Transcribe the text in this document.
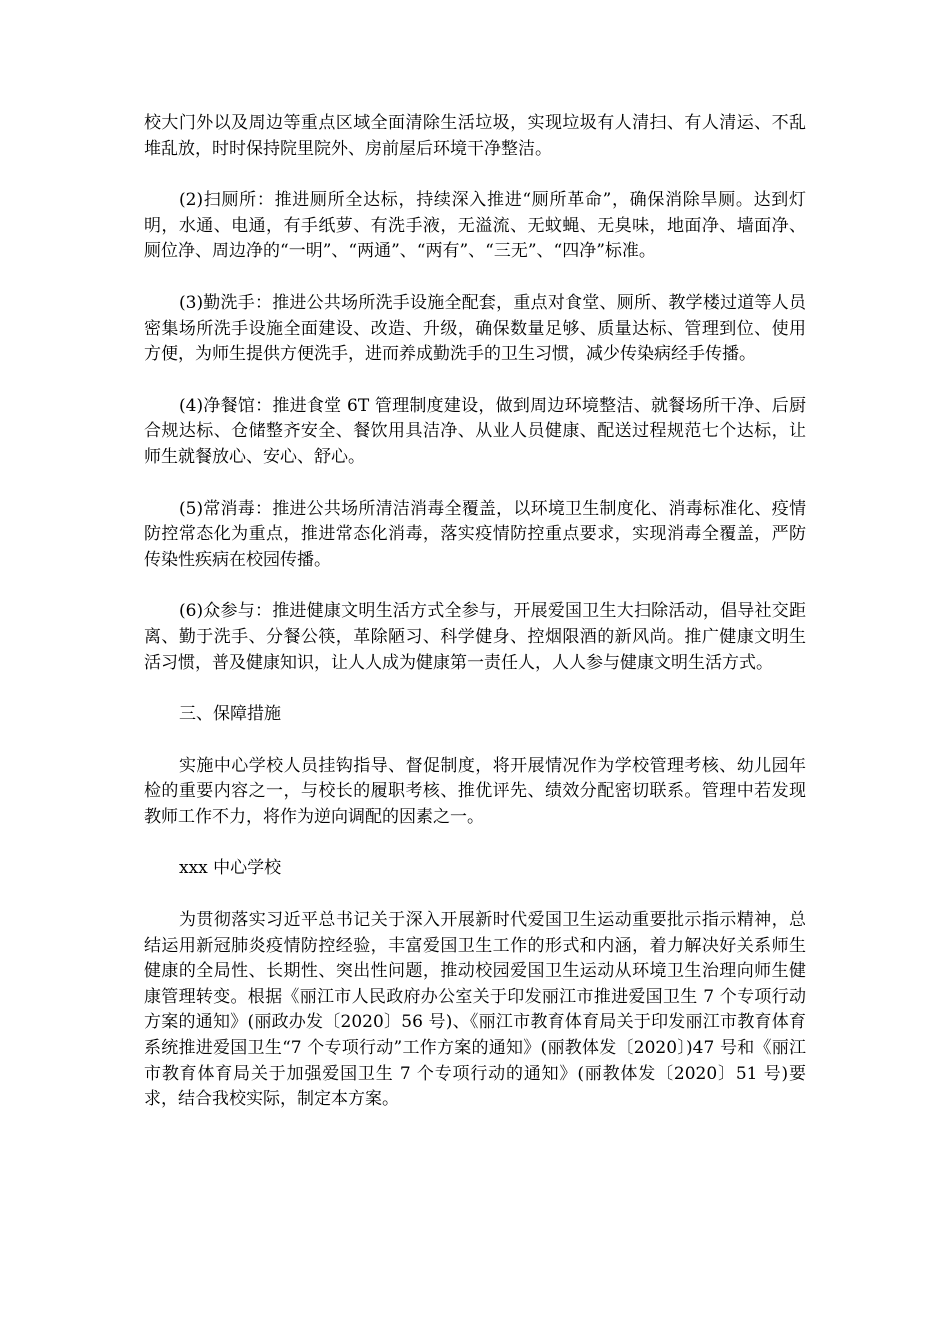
校大门外以及周边等重点区域全面清除生活垃圾，实现垃圾有人清扫、有人清运、不乱堆乱放，时时保持院里院外、房前屋后环境干净整洁。

(2)扫厕所：推进厕所全达标，持续深入推进“厕所革命”，确保消除旱厕。达到灯明，水通、电通，有手纸萝、有洗手液，无溢流、无蚊蝇、无臭味，地面净、墙面净、厕位净、周边净的“一明”、“两通”、“两有”、“三无”、“四净”标准。

(3)勤洗手：推进公共场所洗手设施全配套，重点对食堂、厕所、教学楼过道等人员密集场所洗手设施全面建设、改造、升级，确保数量足够、质量达标、管理到位、使用方便，为师生提供方便洗手，进而养成勤洗手的卫生习惯，减少传染病经手传播。

(4)净餐馆：推进食堂 6T 管理制度建设，做到周边环境整洁、就餐场所干净、后厨合规达标、仓储整齐安全、餐饮用具洁净、从业人员健康、配送过程规范七个达标，让师生就餐放心、安心、舒心。

(5)常消毒：推进公共场所清洁消毒全覆盖，以环境卫生制度化、消毒标准化、疫情防控常态化为重点，推进常态化消毒，落实疫情防控重点要求，实现消毒全覆盖，严防传染性疾病在校园传播。

(6)众参与：推进健康文明生活方式全参与，开展爱国卫生大扫除活动，倡导社交距离、勤于洗手、分餐公筷，革除陋习、科学健身、控烟限酒的新风尚。推广健康文明生活习惯，普及健康知识，让人人成为健康第一责任人，人人参与健康文明生活方式。

三、保障措施

实施中心学校人员挂钩指导、督促制度，将开展情况作为学校管理考核、幼儿园年检的重要内容之一，与校长的履职考核、推优评先、绩效分配密切联系。管理中若发现教师工作不力，将作为逆向调配的因素之一。

xxx 中心学校

为贯彻落实习近平总书记关于深入开展新时代爱国卫生运动重要批示指示精神，总结运用新冠肺炎疫情防控经验，丰富爱国卫生工作的形式和内涵，着力解决好关系师生健康的全局性、长期性、突出性问题，推动校园爱国卫生运动从环境卫生治理向师生健康管理转变。根据《丽江市人民政府办公室关于印发丽江市推进爱国卫生 7 个专项行动方案的通知》(丽政办发〔2020〕56 号)、《丽江市教育体育局关于印发丽江市教育体育系统推进爱国卫生“7 个专项行动”工作方案的通知》(丽教体发〔2020〕)47 号和《丽江市教育体育局关于加强爱国卫生 7 个专项行动的通知》(丽教体发〔2020〕51 号)要求，结合我校实际，制定本方案。
